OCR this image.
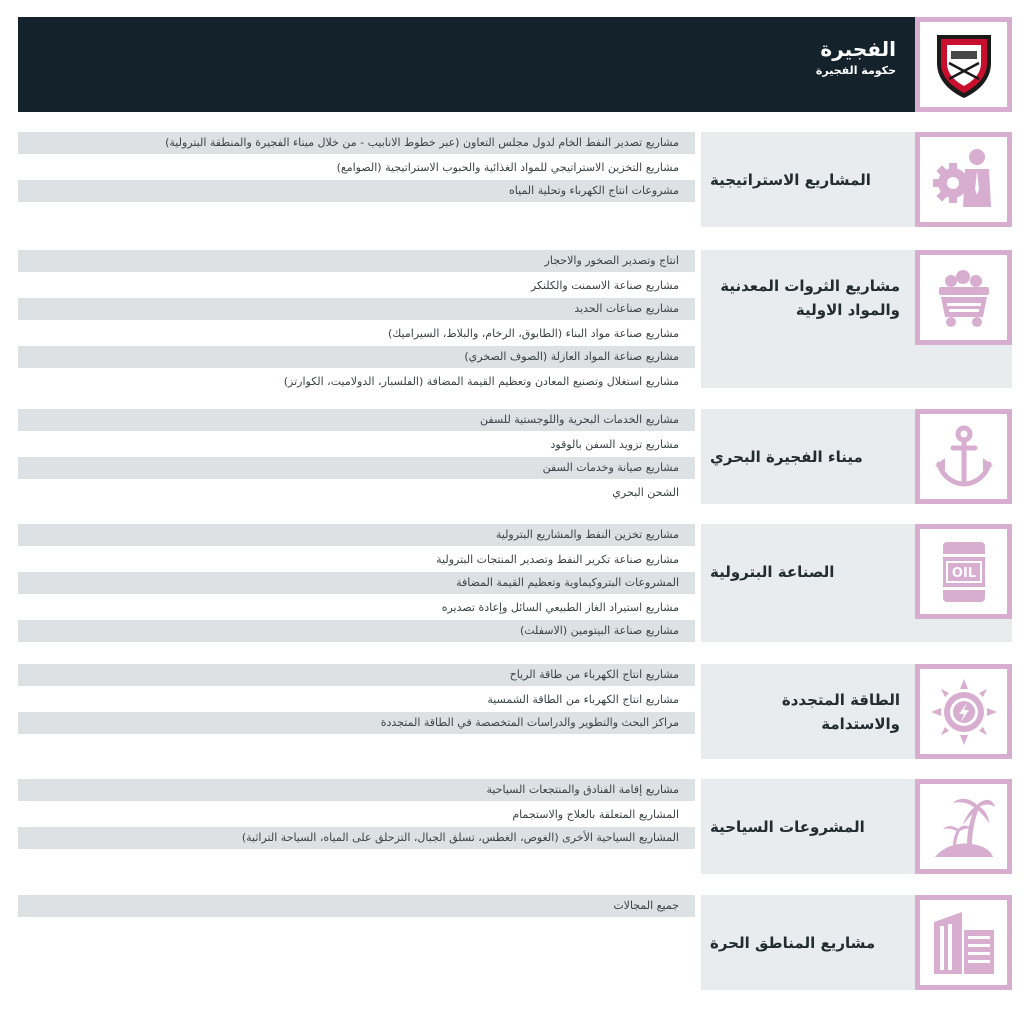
الفجيرة
حكومة الفجيرة
المشاريع الاستراتيجية
مشاريع تصدير النفط الخام لدول مجلس التعاون (عبر خطوط الانابيب - من خلال ميناء الفجيرة والمنطقة البترولية)
مشاريع التخزين الاستراتيجي للمواد الغذائية والحبوب الاستراتيجية (الصوامع)
مشروعات انتاج الكهرباء وتحلية المياه
مشاريع الثروات المعدنية والمواد الاولية
انتاج وتصدير الصخور والاحجار
مشاريع صناعة الاسمنت والكلنكر
مشاريع صناعات الحديد
مشاريع صناعة مواد البناء (الطابوق، الرخام، والبلاط، السيراميك)
مشاريع صناعة المواد العازلة (الصوف الصخري)
مشاريع استغلال وتصنيع المعادن وتعظيم القيمة المضافة (الفلسبار، الدولاميت، الكوارتز)
ميناء الفجيرة البحري
مشاريع الخدمات البحرية واللوجستية للسفن
مشاريع تزويد السفن بالوقود
مشاريع صيانة وخدمات السفن
الشحن البحري
الصناعة البترولية	OIL
مشاريع تخزين النفط والمشاريع البترولية
مشاريع صناعة تكرير النفط وتصدير المنتجات البترولية
المشروعات البتروكيماوية وتعظيم القيمة المضافة
مشاريع استيراد الغاز الطبيعي السائل وإعادة تصديره
مشاريع صناعة البيتومين (الاسفلت)
الطاقة المتجددة والاستدامة
مشاريع انتاج الكهرباء من طاقة الرياح
مشاريع انتاج الكهرباء من الطاقة الشمسية
مراكز البحث والتطوير والدراسات المتخصصة في الطاقة المتجددة
المشروعات السياحية
مشاريع إقامة الفنادق والمنتجعات السياحية
المشاريع المتعلقة بالعلاج والاستجمام
المشاريع السياحية الأخرى (الغوص، الغطس، تسلق الجبال، التزحلق على المياه، السياحة التراثية)
مشاريع المناطق الحرة
جميع المجالات
